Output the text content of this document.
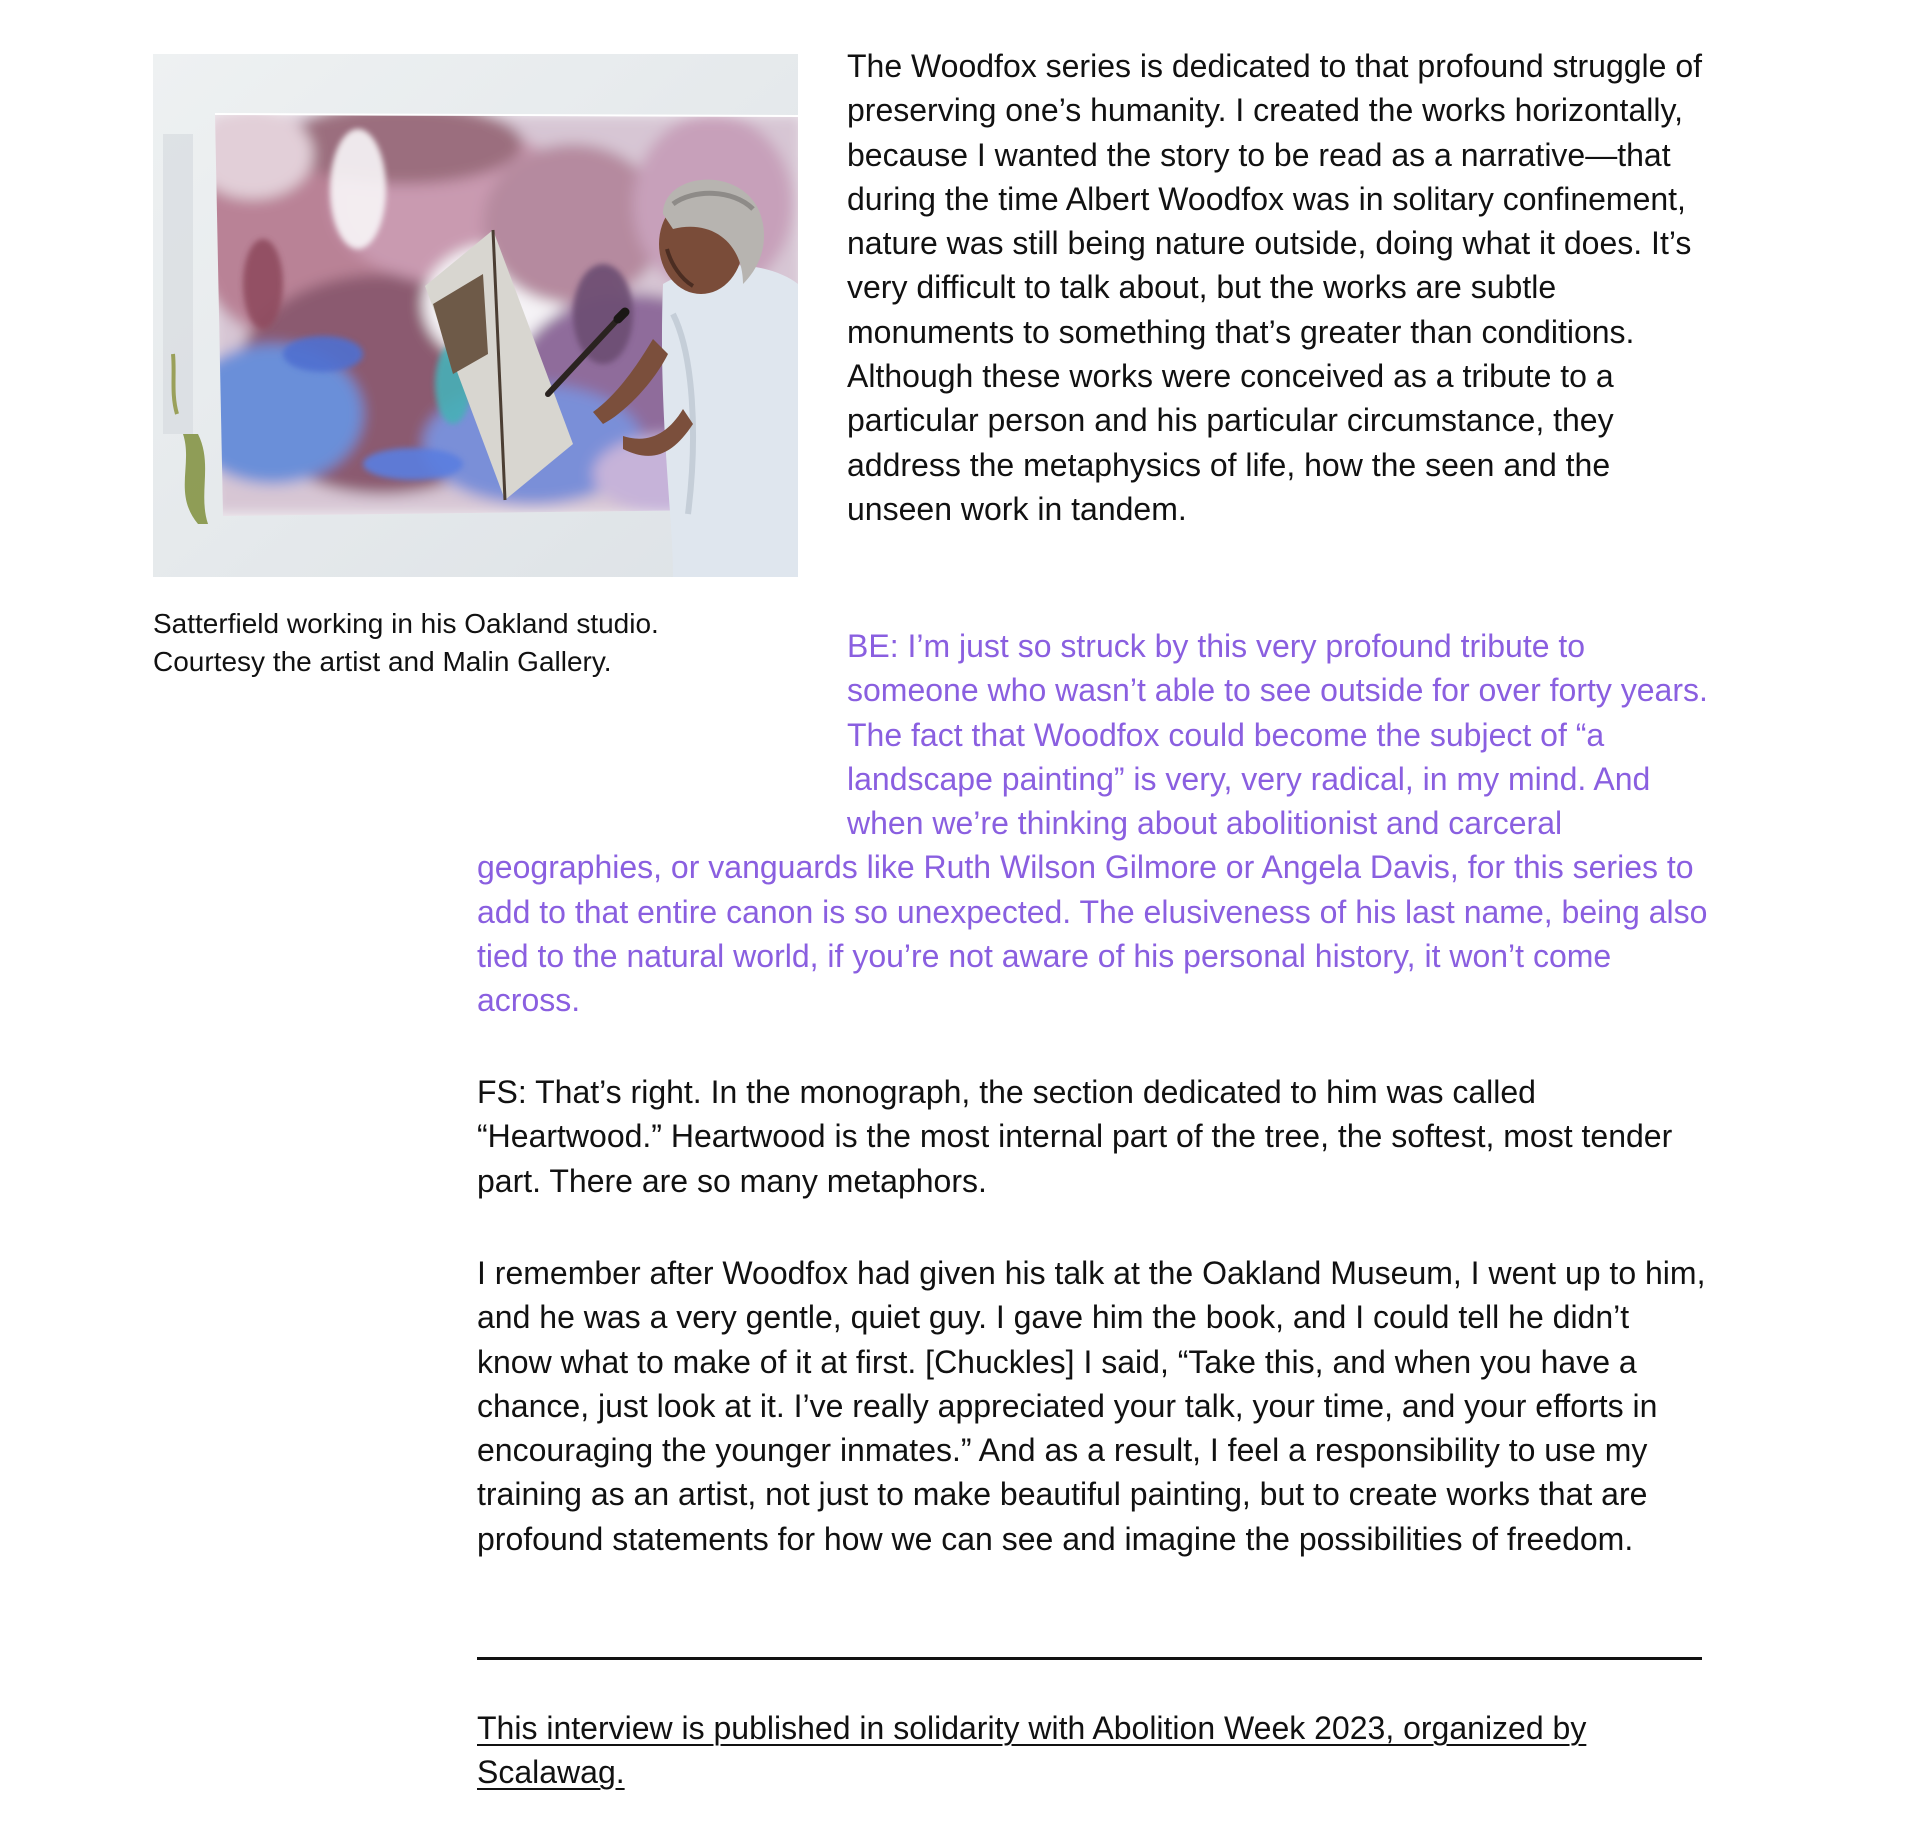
Satterfield working in his Oakland studio.
Courtesy the artist and Malin Gallery.

The Woodfox series is dedicated to that profound struggle of preserving one’s humanity. I created the works horizontally, because I wanted the story to be read as a narrative—that during the time Albert Woodfox was in solitary confinement, nature was still being nature outside, doing what it does. It’s very difficult to talk about, but the works are subtle monuments to something that’s greater than conditions. Although these works were conceived as a tribute to a particular person and his particular circumstance, they address the metaphysics of life, how the seen and the unseen work in tandem.

BE: I’m just so struck by this very profound tribute to someone who wasn’t able to see outside for over forty years. The fact that Woodfox could become the subject of “a landscape painting” is very, very radical, in my mind. And when we’re thinking about abolitionist and carceral geographies, or vanguards like Ruth Wilson Gilmore or Angela Davis, for this series to add to that entire canon is so unexpected. The elusiveness of his last name, being also tied to the natural world, if you’re not aware of his personal history, it won’t come across.

FS: That’s right. In the monograph, the section dedicated to him was called “Heartwood.” Heartwood is the most internal part of the tree, the softest, most tender part. There are so many metaphors.

I remember after Woodfox had given his talk at the Oakland Museum, I went up to him, and he was a very gentle, quiet guy. I gave him the book, and I could tell he didn’t know what to make of it at first. [Chuckles] I said, “Take this, and when you have a chance, just look at it. I’ve really appreciated your talk, your time, and your efforts in encouraging the younger inmates.” And as a result, I feel a responsibility to use my training as an artist, not just to make beautiful painting, but to create works that are profound statements for how we can see and imagine the possibilities of freedom.

This interview is published in solidarity with Abolition Week 2023, organized by Scalawag.
